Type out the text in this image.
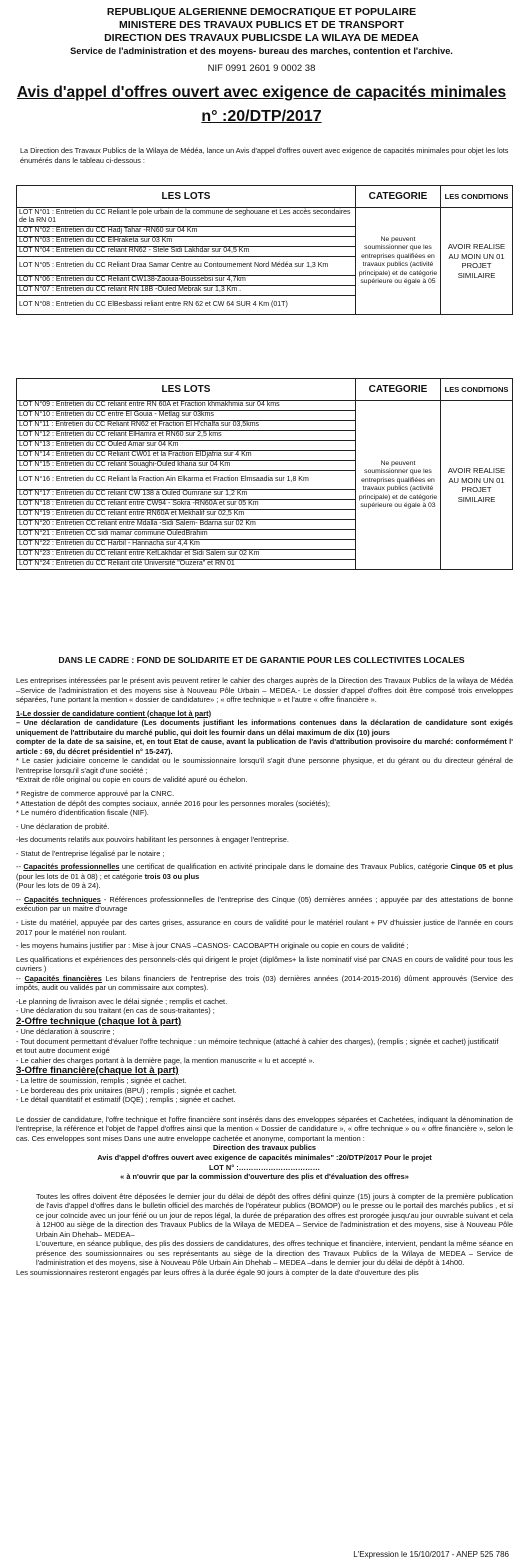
REPUBLIQUE ALGERIENNE DEMOCRATIQUE ET POPULAIRE
MINISTERE DES TRAVAUX PUBLICS ET DE TRANSPORT
DIRECTION DES TRAVAUX PUBLICSDE LA WILAYA DE MEDEA
Service de l'administration et des moyens- bureau des marches, contention et l'archive.
NIF 0991 2601 9 0002 38
Avis d'appel d'offres ouvert avec exigence de capacités minimales
n° :20/DTP/2017
La Direction des Travaux Publics de la Wilaya de Médéa, lance un Avis d'appel d'offres ouvert avec exigence de capacités minimales pour objet les lots énumérés dans le tableau ci-dessous :
LES LOTS	CATEGORIE	LES CONDITIONS
LOT N°01 : Entretien du CC Reliant le pole urbain de la commune de seghouane et Les accès secondaires de la RN 01	Ne peuvent soumissionner que les entreprises qualifiées en travaux publics (activité principale) et de catégorie supérieure ou égale à 05	AVOIR REALISE AU MOIN UN 01 PROJET SIMILAIRE
LOT N°02 : Entretien du CC Hadj Tahar -RN60 sur 04 Km		
LOT N°03 : Entretien du CC ElHraketa sur 03 Km		
LOT N°04 : Entretien du CC reliant RN62 - Stele Sidi Lakhdar sur 04,5 Km		
LOT N°05 : Entretien du CC Reliant Draa Samar Centre au Contournement Nord Médéa sur 1,3 Km		
LOT N°06 : Entretien du CC Reliant CW138-Zaouia-Boussebsi sur 4,7km		
LOT N°07 : Entretien du CC reliant RN 18B -Ouled Mebrak sur 1,3 Km .		
LOT N°08 : Entretien du CC ElBesbassi reliant entre RN 62 et CW 64 SUR 4 Km (01T)		
LES LOTS	CATEGORIE	LES CONDITIONS
LOT N°09 : Entretien du CC reliant entre RN 60A et Fraction khmakhmia sur 04 kms	Ne peuvent soumissionner que les entreprises qualifiées en travaux publics (activité principale) et de catégorie supérieure ou égale à 03	AVOIR REALISE AU MOIN UN 01 PROJET SIMILAIRE
LOT N°10 : Entretien du CC entre El Gouia - Metlag sur 03kms		
LOT N°11 : Entretien du CC Reliant RN62 et Fraction El H'chalfa sur 03,5kms		
LOT N°12 : Entretien du CC reliant ElHamra et RN60 sur 2,5 kms		
LOT N°13 : Entretien du CC Ouled Amar sur 04 Km		
LOT N°14 : Entretien du CC Reliant CW01 et la Fraction ElDjafria sur 4 Km		
LOT N°15 : Entretien du CC reliant Souaghi-Ouled khana sur 04 Km		
LOT N°16 : Entretien du CC Reliant la Fraction Ain Elkarma et Fraction Elmsaadia sur 1,8 Km		
LOT N°17 : Entretien du CC reliant CW 138 à Ouled Oumrane sur 1,2 Km		
LOT N°18 : Entretien du CC reliant entre CW94 - Sokra -RN60A et sur 05 Km		
LOT N°19 : Entretien du CC reliant entre RN60A et Mekhalif sur 02,5 Km		
LOT N°20 : Entretien CC reliant entre Mdalla -Sidi Salem- Bdarna sur 02 Km		
LOT N°21 : Entretien CC sidi mamar commune OuledBrahim		
LOT N°22 : Entretien du CC Harbil - Hannacha sur 4,4 Km		
LOT N°23 : Entretien du CC reliant entre KefLakhdar et Sidi Salem sur 02 Km		
LOT N°24 : Entretien du CC Reliant cité Université "Ouzera" et RN 01		
DANS LE CADRE : FOND DE SOLIDARITE ET DE GARANTIE POUR LES COLLECTIVITES LOCALES

Les entreprises intéressées par le présent avis peuvent retirer le cahier des charges auprès de la Direction des Travaux Publics de la wilaya de Médéa –Service de l'administration et des moyens sise à Nouveau Pôle Urbain – MEDEA.- Le dossier d'appel d'offres doit être composé trois enveloppes séparées, l'une portant la mention « dossier de candidature» ; « offre technique » et l'autre « offre financière ».

1-Le dossier de candidature contient (chaque lot à part)

– Une déclaration de candidature (Les documents justifiant les informations contenues dans la déclaration de candidature sont exigés uniquement de l'attributaire du marché public, qui doit les fournir dans un délai maximum de dix (10) jours

compter de la date de sa saisine, et, en tout Etat de cause, avant la publication de l'avis d'attribution provisoire du marché: conformément l' article : 69, du décret présidentiel n° 15-247).

* Le casier judiciaire concerne le candidat ou le soumissionnaire lorsqu'il s'agit d'une personne physique, et du gérant ou du directeur général de l'entreprise lorsqu'il s'agit d'une société ;

*Extrait de rôle original ou copie en cours de validité apuré ou échelon.

* Registre de commerce approuvé par la CNRC.

* Attestation de dépôt des comptes sociaux, année 2016 pour les personnes morales (sociétés);

* Le numéro d'identification fiscale (NIF).

- Une déclaration de probité.

-les documents relatifs aux pouvoirs habilitant les personnes à engager l'entreprise.

- Statut de l'entreprise légalisé par le notaire ;

-- Capacités professionnelles une certificat de qualification en activité principale dans le domaine des Travaux Publics, catégorie Cinque 05 et plus (pour les lots de 01 à 08) ; et catégorie trois 03 ou plus

(Pour les lots de 09 à 24).

-- Capacités techniques - Références professionnelles de l'entreprise des Cinque (05) dernières années ; appuyée par des attestations de bonne exécution par un maitre d'ouvrage

- Liste du matériel, appuyée par des cartes grises, assurance en cours de validité pour le matériel roulant + PV d'huissier justice de l'année en cours 2017 pour le matériel non roulant.

- les moyens humains justifier par : Mise à jour CNAS –CASNOS- CACOBAPTH originale ou copie en cours de validité ;

Les qualifications et expériences des personnels-clés qui dirigent le projet (diplômes+ la liste nominatif visé par CNAS en cours de validité pour tous les cuvriers )

-- Capacités financières Les bilans financiers de l'entreprise des trois (03) dernières années (2014-2015-2016) dûment approuvés (Service des impôts, audit ou validés par un commissaire aux comptes).

-Le planning de livraison avec le délai signée ; remplis et cachet.

- Une déclaration du sou traitant (en cas de sous-traitantes) ;

2-Offre technique (chaque lot à part)

- Une déclaration à souscrire ;

- Tout document permettant d'évaluer l'offre technique : un mémoire technique (attaché à cahier des charges), (remplis ; signée et cachet) justificatif

et tout autre document exigé

- Le cahier des charges portant à la dernière page, la mention manuscrite « lu et accepté ».

3-Offre financière(chaque lot à part)

- La lettre de soumission, remplis ; signée et cachet.

- Le bordereau des prix unitaires (BPU) ; remplis ; signée et cachet.

- Le détail quantitatif et estimatif (DQE) ; remplis ; signée et cachet.

Le dossier de candidature, l'offre technique et l'offre financière sont insérés dans des enveloppes séparées et Cachetées, indiquant la dénomination de l'entreprise, la référence et l'objet de l'appel d'offres ainsi que la mention « Dossier de candidature », « offre technique » ou « offre financière », selon le cas. Ces enveloppes sont mises Dans une autre enveloppe cachetée et anonyme, comportant la mention :

Direction des travaux publics

Avis d'appel d'offres ouvert avec exigence de capacités minimales" :20/DTP/2017 Pour le projet

LOT N° :……………………………

« à n'ouvrir que par la commission d'ouverture des plis et d'évaluation des offres»

Toutes les offres doivent être déposées le dernier jour du délai de dépôt des offres défini quinze (15) jours à compter de la première publication de l'avis d'appel d'offres dans le bulletin officiel des marchés de l'opérateur publics (BOMOP) ou le presse ou le portail des marchés publics , et si ce jour coïncide avec un jour férié ou un jour de repos légal, la durée de préparation des offres est prorogée jusqu'au jour ouvrable suivant et cela à 12H00 au siège de la direction des Travaux Publics de la Wilaya de MEDEA – Service de l'administration et des moyens, sise à Nouveau Pôle Urbain Ain Dhehab– MEDEA–

L'ouverture, en séance publique, des plis des dossiers de candidatures, des offres technique et financière, intervient, pendant la même séance en présence des soumissionnaires ou ses représentants au siège de la direction des Travaux Publics de la Wilaya de MEDEA – Service de l'administration et des moyens, sise à Nouveau Pôle Urbain Ain Dhehab – MEDEA –dans le dernier jour du délai de dépôt à 14h00.

Les soumissionnaires resteront engagés par leurs offres à la durée égale 90 jours à compter de la date d'ouverture des plis

L'Expression le 15/10/2017 - ANEP 525 786
